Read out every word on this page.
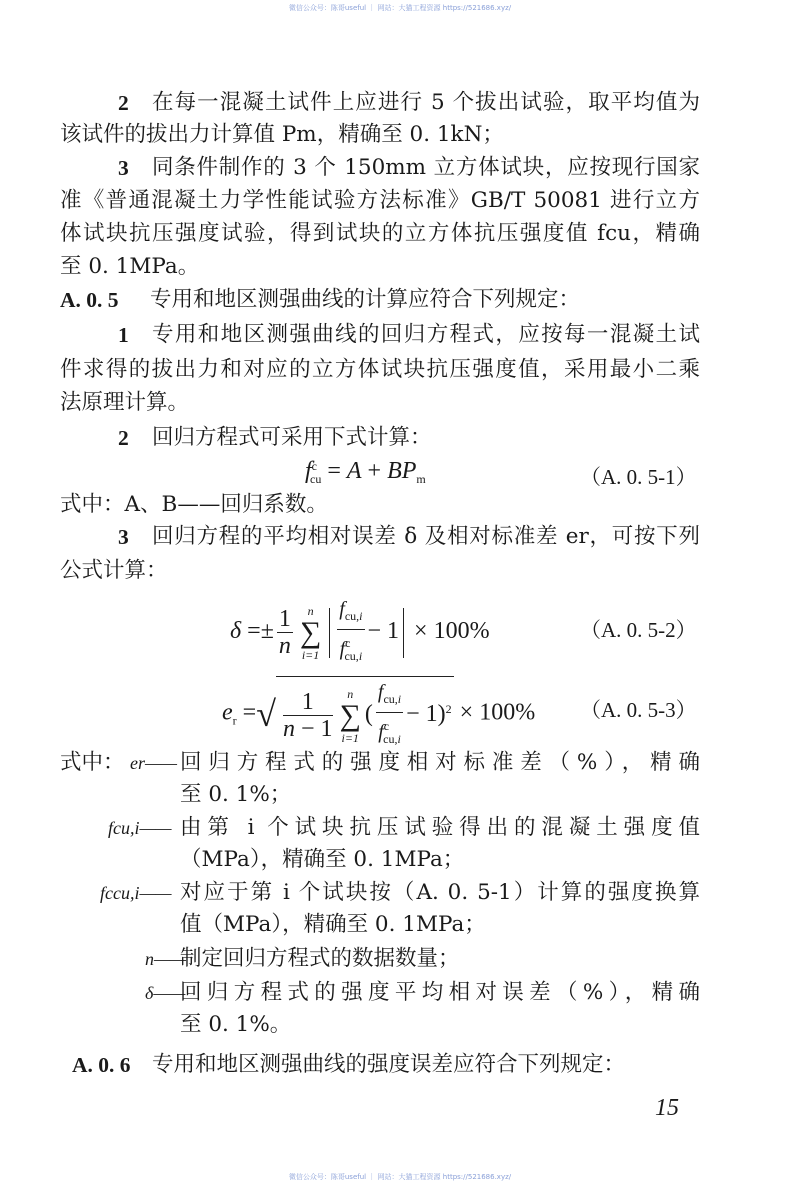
微信公众号：陈哥useful ｜ 网站：大猫工程资源 https://521686.xyz/
2 在每一混凝土试件上应进行 5 个拔出试验，取平均值为
该试件的拔出力计算值 Pm，精确至 0. 1kN；
3 同条件制作的 3 个 150mm 立方体试块，应按现行国家
准《普通混凝土力学性能试验方法标准》GB/T 50081 进行立方
体试块抗压强度试验，得到试块的立方体抗压强度值 fcu，精确
至 0. 1MPa。
A. 0. 5 专用和地区测强曲线的计算应符合下列规定：
1 专用和地区测强曲线的回归方程式，应按每一混凝土试
件求得的拔出力和对应的立方体试块抗压强度值，采用最小二乘
法原理计算。
2 回归方程式可采用下式计算：
$f^c_{cu} = A + BP_m$	（A. 0. 5-1）
式中：A、B——回归系数。
3 回归方程的平均相对误差 δ 及相对标准差 er，可按下列
公式计算：
$\delta =\pm \frac{1}{n}$	n
∑
$i=1 \frac{f_{cu,i}}{f^c_{cu,i}} - 1 \times 100\%$	（A. 0. 5-2）
$e_r$ =√ $\frac{1}{n - 1}$	n
∑
i=1
( $\frac{f_{cu,i}}{f^c_{cu,i}} - 1)^2 \times 100\%$ （A. 0. 5-3）
式中： er—— 回归方程式的强度相对标准差（%），精确
至 0. 1%；
fcu,i—— 由第 i 个试块抗压试验得出的混凝土强度值
（MPa），精确至 0. 1MPa；
fccu,i—— 对应于第 i 个试块按（A. 0. 5-1）计算的强度换算
值（MPa），精确至 0. 1MPa；
n——
制定回归方程式的数据数量；
δ——
回归方程式的强度平均相对误差（%），精确
至 0. 1%。
A. 0. 6 专用和地区测强曲线的强度误差应符合下列规定：
15
微信公众号：陈哥useful ｜ 网站：大猫工程资源 https://521686.xyz/
